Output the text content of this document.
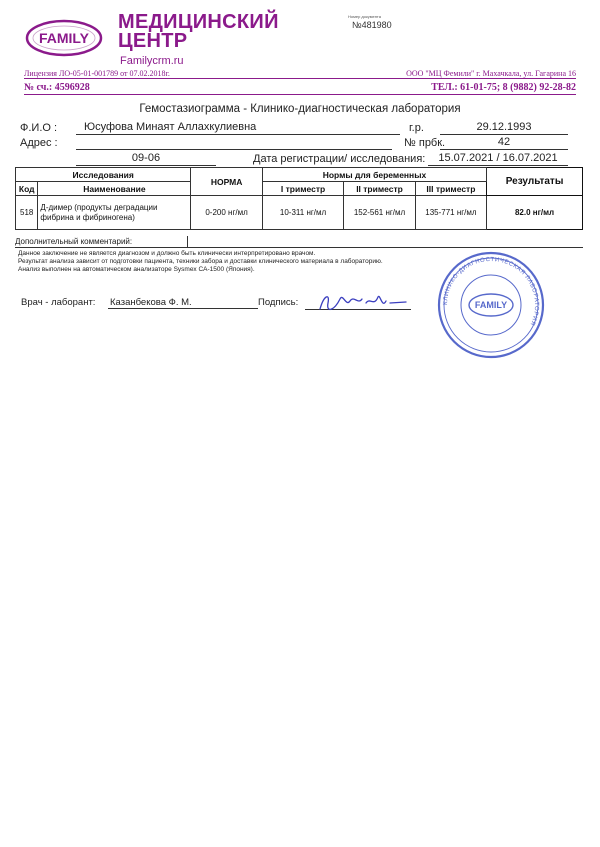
FAMILY
МЕДИЦИНСКИЙ
ЦЕНТР
Familycrm.ru
Номер документа
№481980
Лицензия ЛО-05-01-001789 от 07.02.2018г.	ООО "МЦ Фемили" г. Махачкала, ул. Гагарина 16
№ сч.: 4596928	ТЕЛ.: 61-01-75; 8 (9882) 92-28-82
Гемостазиограмма - Клинико-диагностическая лаборатория
Ф.И.О :	Юсуфова Минаят Аллахкулиевна	г.р.	29.12.1993
Адрес :	№ прбк.	42
09-06	Дата регистрации/ исследования:	15.07.2021 / 16.07.2021
Исследования		НОРМА	Нормы для беременных			Результаты
Код	Наименование		I триместр	II триместр	III триместр	
518	Д-димер (продукты деградации фибрина и фибриногена)	0-200 нг/мл	10-311 нг/мл	152-561 нг/мл	135-771 нг/мл	82.0 нг/мл
Дополнительный комментарий:
Данное заключение не является диагнозом и должно быть клинически интерпретировано врачом.
Результат анализа зависит от подготовки пациента, техники забора и доставки клинического материала в лабораторию.
Анализ выполнен на автоматическом анализаторе Sysmex CA-1500 (Япония).
Врач - лаборант: Казанбекова Ф. М.	Подпись:	КЛИНИКО-ДИАГНОСТИЧЕСКАЯ ЛАБОРАТОРИЯ
FAMILY
